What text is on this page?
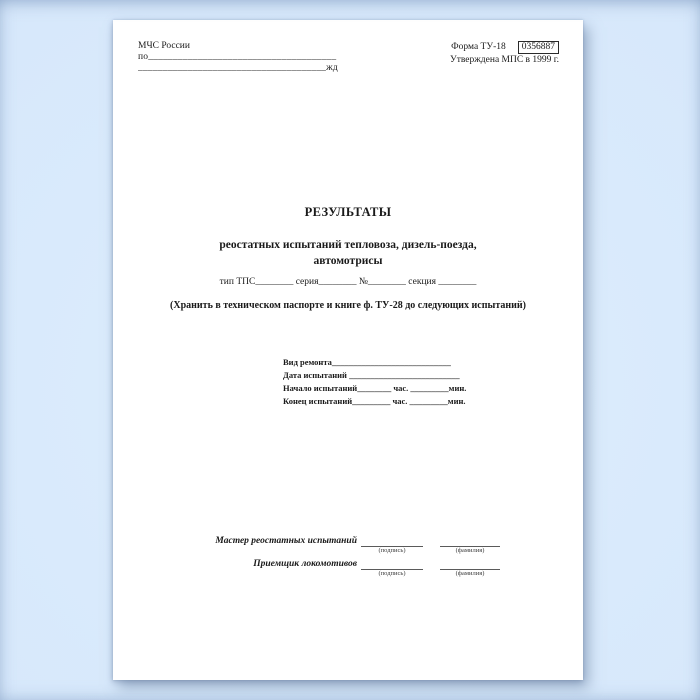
МЧС России
по______________________________________
______________________________________жд
Форма ТУ-18	0356887
Утверждена МПС в 1999 г.
РЕЗУЛЬТАТЫ
реостатных испытаний тепловоза, дизель-поезда,
автомотрисы
тип ТПС________ серия________ №________ секция ________
(Хранить в техническом паспорте и книге ф. ТУ-28 до следующих испытаний)
Вид ремонта____________________________
Дата испытаний __________________________
Начало испытаний________ час. _________мин.
Конец испытаний_________ час. _________мин.
Мастер реостатных испытаний
(подпись)	(фамилия)
Приемщик локомотивов
(подпись)	(фамилия)
